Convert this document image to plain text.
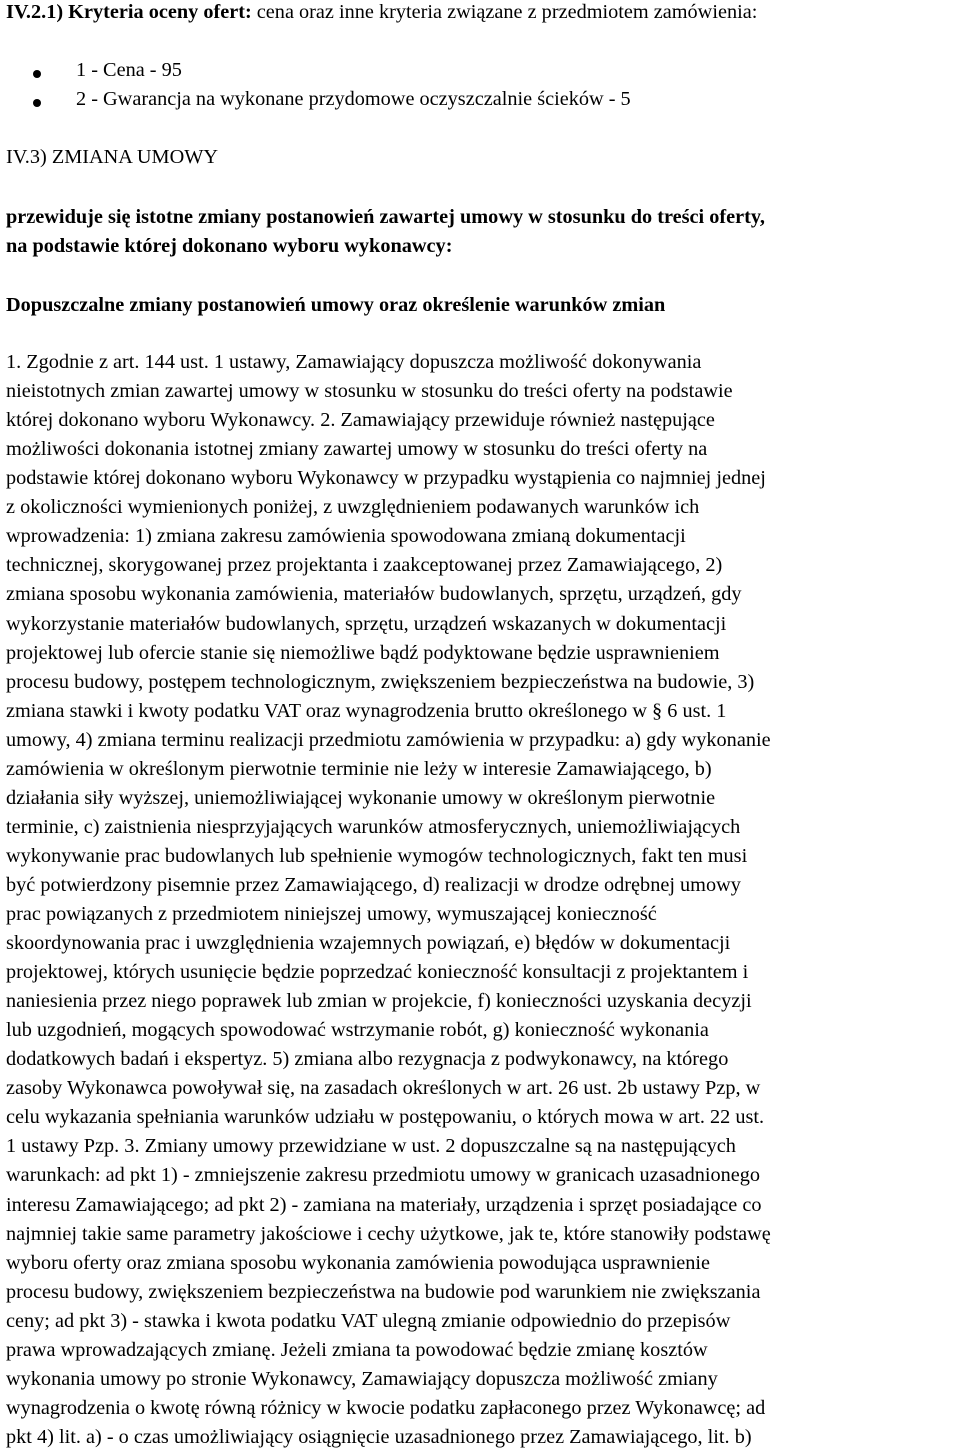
IV.2.1) Kryteria oceny ofert: cena oraz inne kryteria związane z przedmiotem zamówienia:
1 - Cena - 95
2 - Gwarancja na wykonane przydomowe oczyszczalnie ścieków - 5
IV.3) ZMIANA UMOWY
przewiduje się istotne zmiany postanowień zawartej umowy w stosunku do treści oferty,
na podstawie której dokonano wyboru wykonawcy:
Dopuszczalne zmiany postanowień umowy oraz określenie warunków zmian
1. Zgodnie z art. 144 ust. 1 ustawy, Zamawiający dopuszcza możliwość dokonywania
nieistotnych zmian zawartej umowy w stosunku w stosunku do treści oferty na podstawie
której dokonano wyboru Wykonawcy. 2. Zamawiający przewiduje również następujące
możliwości dokonania istotnej zmiany zawartej umowy w stosunku do treści oferty na
podstawie której dokonano wyboru Wykonawcy w przypadku wystąpienia co najmniej jednej
z okoliczności wymienionych poniżej, z uwzględnieniem podawanych warunków ich
wprowadzenia: 1) zmiana zakresu zamówienia spowodowana zmianą dokumentacji
technicznej, skorygowanej przez projektanta i zaakceptowanej przez Zamawiającego, 2)
zmiana sposobu wykonania zamówienia, materiałów budowlanych, sprzętu, urządzeń, gdy
wykorzystanie materiałów budowlanych, sprzętu, urządzeń wskazanych w dokumentacji
projektowej lub ofercie stanie się niemożliwe bądź podyktowane będzie usprawnieniem
procesu budowy, postępem technologicznym, zwiększeniem bezpieczeństwa na budowie, 3)
zmiana stawki i kwoty podatku VAT oraz wynagrodzenia brutto określonego w § 6 ust. 1
umowy, 4) zmiana terminu realizacji przedmiotu zamówienia w przypadku: a) gdy wykonanie
zamówienia w określonym pierwotnie terminie nie leży w interesie Zamawiającego, b)
działania siły wyższej, uniemożliwiającej wykonanie umowy w określonym pierwotnie
terminie, c) zaistnienia niesprzyjających warunków atmosferycznych, uniemożliwiających
wykonywanie prac budowlanych lub spełnienie wymogów technologicznych, fakt ten musi
być potwierdzony pisemnie przez Zamawiającego, d) realizacji w drodze odrębnej umowy
prac powiązanych z przedmiotem niniejszej umowy, wymuszającej konieczność
skoordynowania prac i uwzględnienia wzajemnych powiązań, e) błędów w dokumentacji
projektowej, których usunięcie będzie poprzedzać konieczność konsultacji z projektantem i
naniesienia przez niego poprawek lub zmian w projekcie, f) konieczności uzyskania decyzji
lub uzgodnień, mogących spowodować wstrzymanie robót, g) konieczność wykonania
dodatkowych badań i ekspertyz. 5) zmiana albo rezygnacja z podwykonawcy, na którego
zasoby Wykonawca powoływał się, na zasadach określonych w art. 26 ust. 2b ustawy Pzp, w
celu wykazania spełniania warunków udziału w postępowaniu, o których mowa w art. 22 ust.
1 ustawy Pzp. 3. Zmiany umowy przewidziane w ust. 2 dopuszczalne są na następujących
warunkach: ad pkt 1) - zmniejszenie zakresu przedmiotu umowy w granicach uzasadnionego
interesu Zamawiającego; ad pkt 2) - zamiana na materiały, urządzenia i sprzęt posiadające co
najmniej takie same parametry jakościowe i cechy użytkowe, jak te, które stanowiły podstawę
wyboru oferty oraz zmiana sposobu wykonania zamówienia powodująca usprawnienie
procesu budowy, zwiększeniem bezpieczeństwa na budowie pod warunkiem nie zwiększania
ceny; ad pkt 3) - stawka i kwota podatku VAT ulegną zmianie odpowiednio do przepisów
prawa wprowadzających zmianę. Jeżeli zmiana ta powodować będzie zmianę kosztów
wykonania umowy po stronie Wykonawcy, Zamawiający dopuszcza możliwość zmiany
wynagrodzenia o kwotę równą różnicy w kwocie podatku zapłaconego przez Wykonawcę; ad
pkt 4) lit. a) - o czas umożliwiający osiągnięcie uzasadnionego przez Zamawiającego, lit. b)
